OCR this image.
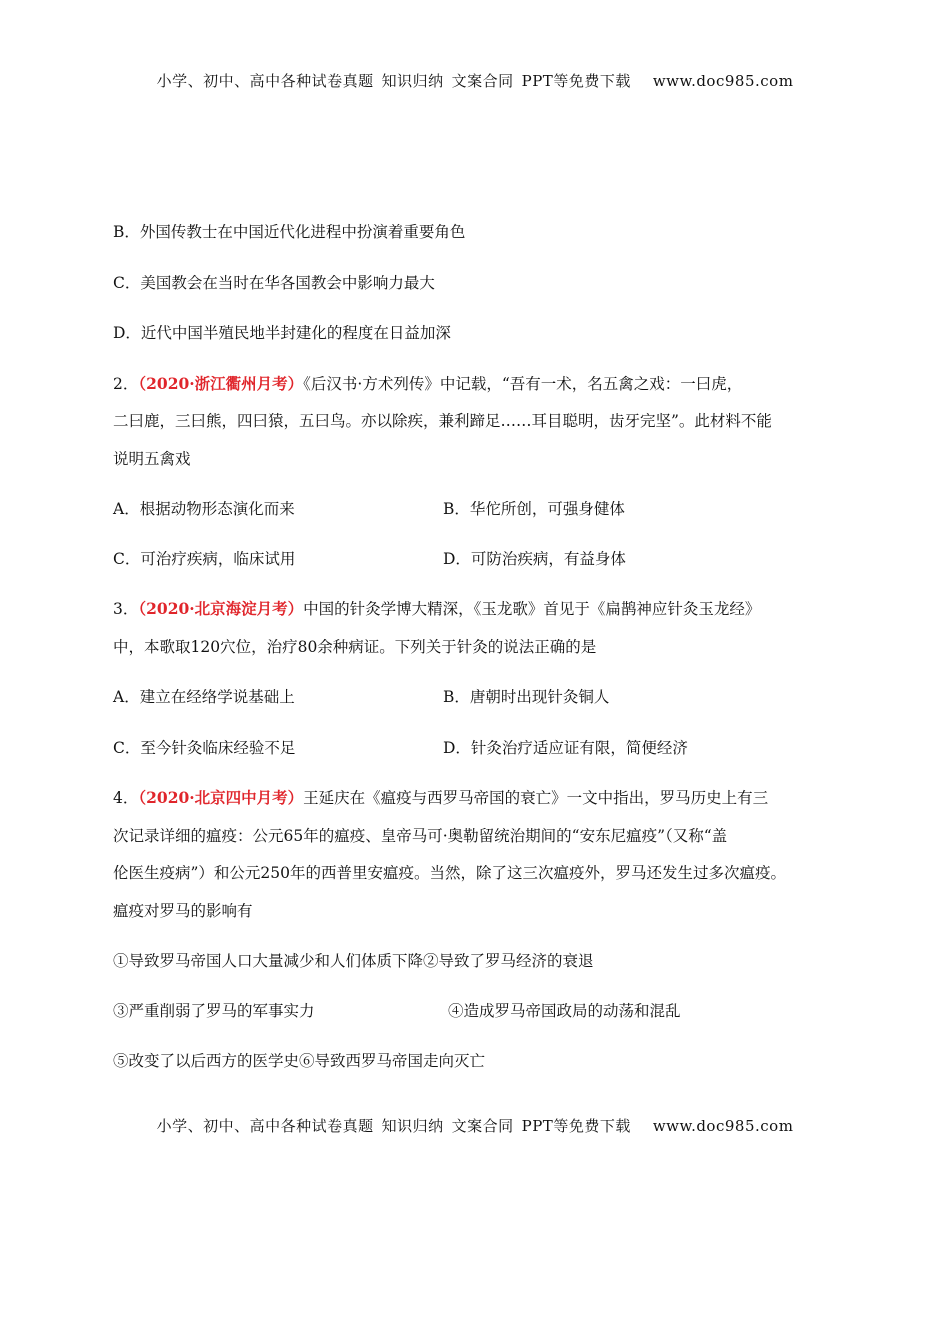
小学、初中、高中各种试卷真题 知识归纳 文案合同 PPT等免费下载 www.doc985.com
B．外国传教士在中国近代化进程中扮演着重要角色
C．美国教会在当时在华各国教会中影响力最大
D．近代中国半殖民地半封建化的程度在日益加深
2．（2020·浙江衢州月考）《后汉书·方术列传》中记载，“吾有一术，名五禽之戏：一曰虎，
二曰鹿，三曰熊，四曰猿，五曰鸟。亦以除疾，兼利蹄足……耳目聪明，齿牙完坚”。此材料不能
说明五禽戏
A．根据动物形态演化而来	B．华佗所创，可强身健体
C．可治疗疾病，临床试用	D．可防治疾病，有益身体
3．（2020·北京海淀月考）中国的针灸学博大精深，《玉龙歌》首见于《扁鹊神应针灸玉龙经》
中，本歌取120穴位，治疗80余种病证。下列关于针灸的说法正确的是
A．建立在经络学说基础上	B．唐朝时出现针灸铜人
C．至今针灸临床经验不足	D．针灸治疗适应证有限，简便经济
4．（2020·北京四中月考）王延庆在《瘟疫与西罗马帝国的衰亡》一文中指出，罗马历史上有三
次记录详细的瘟疫：公元65年的瘟疫、皇帝马可·奥勒留统治期间的“安东尼瘟疫”（又称“盖
伦医生疫病”）和公元250年的西普里安瘟疫。当然，除了这三次瘟疫外，罗马还发生过多次瘟疫。
瘟疫对罗马的影响有
①导致罗马帝国人口大量减少和人们体质下降②导致了罗马经济的衰退
③严重削弱了罗马的军事实力	④造成罗马帝国政局的动荡和混乱
⑤改变了以后西方的医学史⑥导致西罗马帝国走向灭亡
小学、初中、高中各种试卷真题 知识归纳 文案合同 PPT等免费下载 www.doc985.com
